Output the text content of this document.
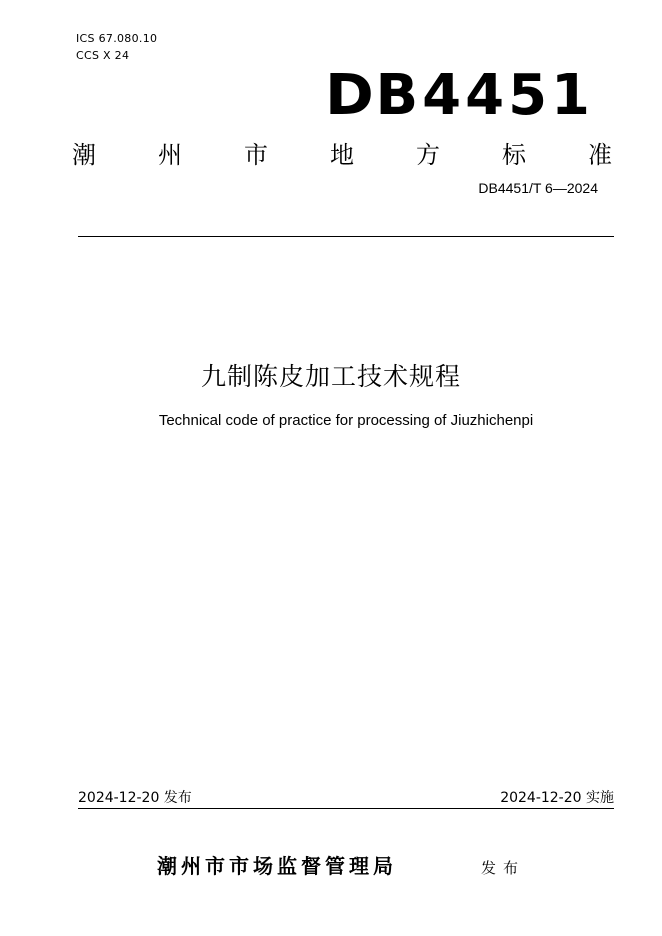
ICS 67.080.10
CCS X 24
DB4451
潮	州	市	地	方	标	准
DB4451/T 6—2024
九制陈皮加工技术规程
Technical code of practice for processing of Jiuzhichenpi
2024-12-20 发布	2024-12-20 实施
潮州市市场监督管理局	发布
